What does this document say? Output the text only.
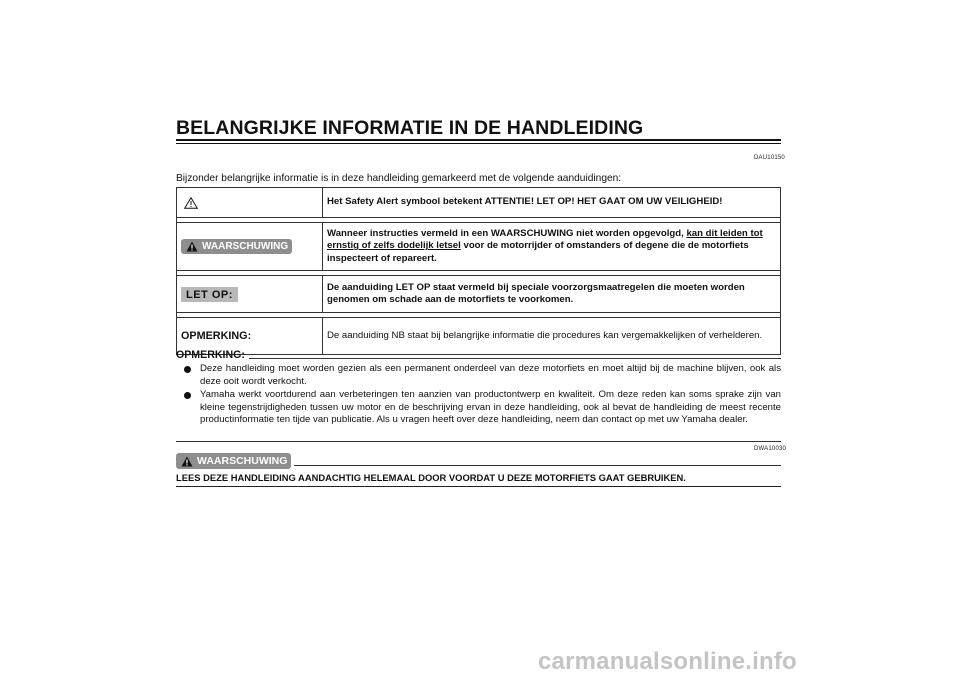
BELANGRIJKE INFORMATIE IN DE HANDLEIDING
DAU10150
Bijzonder belangrijke informatie is in deze handleiding gemarkeerd met de volgende aanduidingen:
	Het Safety Alert symbool betekent ATTENTIE! LET OP! HET GAAT OM UW VEILIGHEID!

WAARSCHUWING	Wanneer instructies vermeld in een WAARSCHUWING niet worden opgevolgd, kan dit leiden tot ernstig of zelfs dodelijk letsel voor de motorrijder of omstanders of degene die de motorfiets inspecteert of repareert.

LET OP:	De aanduiding LET OP staat vermeld bij speciale voorzorgsmaatregelen die moeten worden genomen om schade aan de motorfiets te voorkomen.

OPMERKING:	De aanduiding NB staat bij belangrijke informatie die procedures kan vergemakkelijken of verhelderen.
OPMERKING:
Deze handleiding moet worden gezien als een permanent onderdeel van deze motorfiets en moet altijd bij de machine blijven, ook als deze ooit wordt verkocht.
Yamaha werkt voortdurend aan verbeteringen ten aanzien van productontwerp en kwaliteit. Om deze reden kan soms sprake zijn van kleine tegenstrijdigheden tussen uw motor en de beschrijving ervan in deze handleiding, ook al bevat de handleiding de meest recente productinformatie ten tijde van publicatie. Als u vragen heeft over deze handleiding, neem dan contact op met uw Yamaha dealer.
DWA10030
WAARSCHUWING
LEES DEZE HANDLEIDING AANDACHTIG HELEMAAL DOOR VOORDAT U DEZE MOTORFIETS GAAT GEBRUIKEN.
carmanualsonline.info
